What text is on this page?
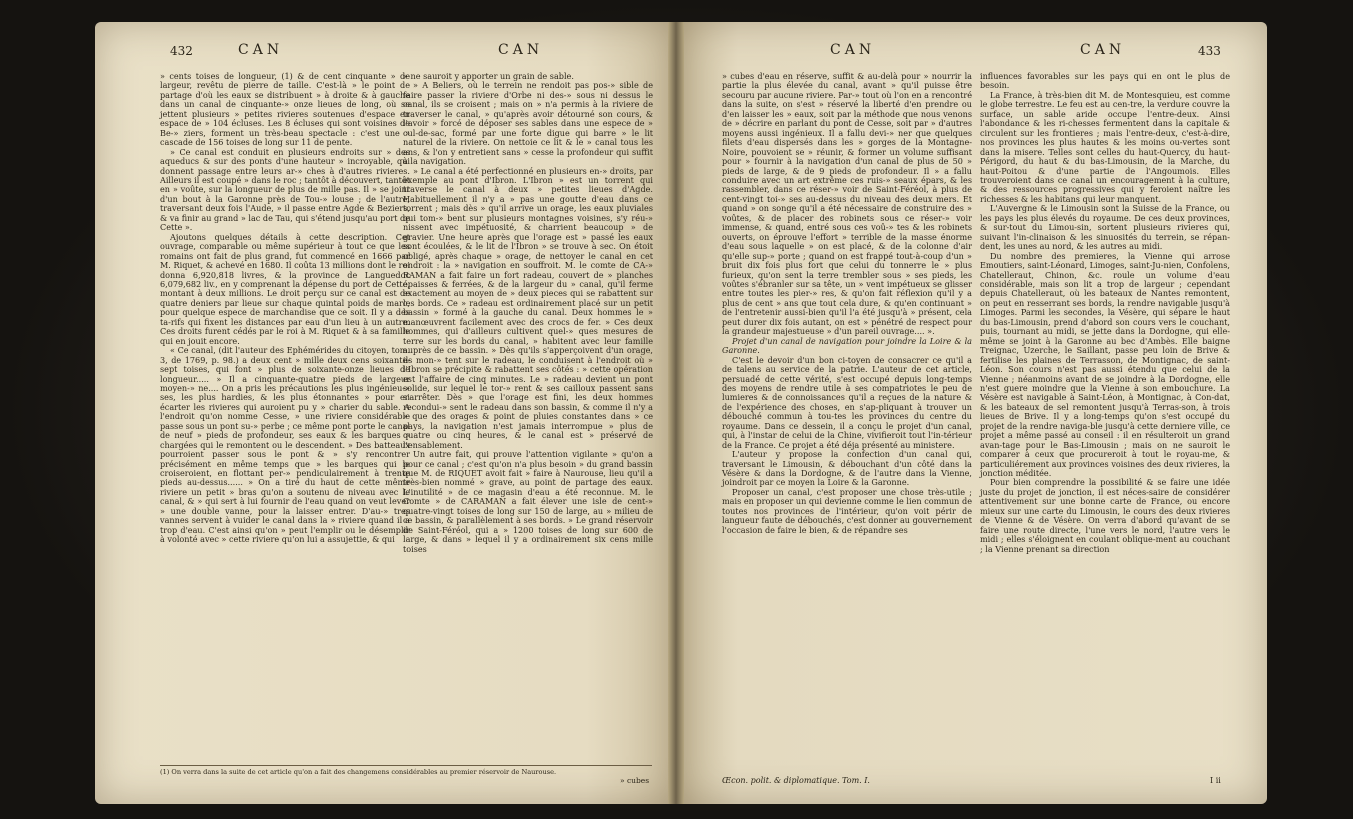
432	CAN	CAN	CAN	CAN	433

» cents toises de longueur, (1) & de cent cinquante » de largeur, revêtu de pierre de taille. C'est-là » le point de partage d'où les eaux se distribuent » à droite & à gauche dans un canal de cinquante-» onze lieues de long, où se jettent plusieurs » petites rivieres soutenues d'espace en espace de » 104 écluses. Les 8 écluses qui sont voisines de Be-» ziers, forment un très-beau spectacle : c'est une » cascade de 156 toises de long sur 11 de pente.

» Ce canal est conduit en plusieurs endroits sur » des aqueducs & sur des ponts d'une hauteur » incroyable, qui donnent passage entre leurs ar-» ches à d'autres rivieres. Ailleurs il est coupé » dans le roc ; tantôt à découvert, tantôt en » voûte, sur la longueur de plus de mille pas. Il » se joint d'un bout à la Garonne près de Tou-» louse ; de l'autre, traversant deux fois l'Aude, » il passe entre Agde & Beziers, & va finir au grand » lac de Tau, qui s'étend jusqu'au port de Cette ».

Ajoutons quelques détails à cette description. Cet ouvrage, comparable ou même supérieur à tout ce que les romains ont fait de plus grand, fut commencé en 1666 par M. Riquet, & achevé en 1680. Il coûta 13 millions dont le roi donna 6,920,818 livres, & la province de Languedoc 6,079,682 liv., en y comprenant la dépense du port de Cette, montant à deux millions. Le droit perçu sur ce canal est de quatre deniers par lieue sur chaque quintal poids de marc, pour quelque espece de marchandise que ce soit. Il y a des ta-rifs qui fixent les distances par eau d'un lieu à un autre. Ces droits furent cédés par le roi à M. Riquet & à sa famille qui en jouit encore.

« Ce canal, (dit l'auteur des Ephémérides du citoyen, tom. 3, de 1769, p. 98.) a deux cent » mille deux cens soixante-sept toises, qui font » plus de soixante-onze lieues de longueur..... » Il a cinquante-quatre pieds de largeur moyen-» ne.... On a pris les précautions les plus ingénieu-» ses, les plus hardies, & les plus étonnantes » pour en écarter les rivieres qui auroient pu y » charier du sable. A l'endroit qu'on nomme Cesse, » une riviere considérable passe sous un pont su-» perbe ; ce même pont porte le canal de neuf » pieds de profondeur, ses eaux & les barques » chargées qui le remontent ou le descendent. » Des batteaux pourroient passer sous le pont & » s'y rencontrer précisément en même temps que » les barques qui le croiseroient, en flottant per-» pendiculairement à trente pieds au-dessus...... » On a tiré du haut de cette même riviere un petit » bras qu'on a soutenu de niveau avec le canal, & » qui sert à lui fournir de l'eau quand on veut lever » une double vanne, pour la laisser entrer. D'au-» tres vannes servent à vuider le canal dans la » riviere quand il a trop d'eau. C'est ainsi qu'on » peut l'emplir ou le désemplir à volonté avec » cette riviere qu'on lui a assujettie, & qui

» ne sauroit y apporter un grain de sable.

» A Beliers, où le terrein ne rendoit pas pos-» sible de faire passer la riviere d'Orbe ni des-» sous ni dessus le canal, ils se croisent ; mais on » n'a permis à la riviere de traverser le canal, » qu'après avoir détourné son cours, & l'avoir » forcé de déposer ses sables dans une espece de » cul-de-sac, formé par une forte digue qui barre » le lit naturel de la riviere. On nettoie ce lit & le » canal tous les ans, & l'on y entretient sans » cesse la profondeur qui suffit à la navigation.

» Le canal a été perfectionné en plusieurs en-» droits, par exemple au pont d'Ibron. L'Ibron » est un torrent qui traverse le canal à deux » petites lieues d'Agde. Habituellement il n'y a » pas une goutte d'eau dans ce torrent ; mais dès » qu'il arrive un orage, les eaux pluviales qui tom-» bent sur plusieurs montagnes voisines, s'y réu-» nissent avec impétuosité, & charrient beaucoup » de gravier. Une heure après que l'orage est » passé les eaux sont écoulées, & le lit de l'Ibron » se trouve à sec. On étoit obligé, après chaque » orage, de nettoyer le canal en cet endroit : la » navigation en souffroit. M. le comte de CA-» RAMAN a fait faire un fort radeau, couvert de » planches épaisses & ferrées, & de la largeur du » canal, qu'il ferme exactement au moyen de » deux pieces qui se rabattent sur les bords. Ce » radeau est ordinairement placé sur un petit bassin » formé à la gauche du canal. Deux hommes le » manœuvrent facilement avec des crocs de fer. » Ces deux hommes, qui d'ailleurs cultivent quel-» ques mesures de terre sur les bords du canal, » habitent avec leur famille auprès de ce bassin. » Dès qu'ils s'apperçoivent d'un orage, ils mon-» tent sur le radeau, le conduisent à l'endroit où » l'Ibron se précipite & rabattent ses côtés : » cette opération est l'affaire de cinq minutes. Le » radeau devient un pont solide, sur lequel le tor-» rent & ses cailloux passent sans s'arrêter. Dès » que l'orage est fini, les deux hommes recondui-» sent le radeau dans son bassin, & comme il n'y a » que des orages & point de pluies constantes dans » ce pays, la navigation n'est jamais interrompue » plus de quatre ou cinq heures, & le canal est » préservé de l'ensablement.

Un autre fait, qui prouve l'attention vigilante » qu'on a pour ce canal ; c'est qu'on n'a plus besoin » du grand bassin que M. de RIQUET avoit fait » faire à Naurouse, lieu qu'il a très-bien nommé » grave, au point de partage des eaux. L'inutilité » de ce magasin d'eau a été reconnue. M. le Comte » de CARAMAN a fait élever une isle de cent-» quatre-vingt toises de long sur 150 de large, au » milieu de ce bassin, & parallèlement à ses bords. » Le grand réservoir de Saint-Féréol, qui a » 1200 toises de long sur 600 de large, & dans » lequel il y a ordinairement six cens mille toises

(1) On verra dans la suite de cet article qu'on a fait des changemens considérables au premier réservoir de Naurouse.
» cubes

» cubes d'eau en réserve, suffit & au-delà pour » nourrir la partie la plus élevée du canal, avant » qu'il puisse être secouru par aucune riviere. Par-» tout où l'on en a rencontré dans la suite, on s'est » réservé la liberté d'en prendre ou d'en laisser les » eaux, soit par la méthode que nous venons de » décrire en parlant du pont de Cesse, soit par » d'autres moyens aussi ingénieux. Il a fallu devi-» ner que quelques filets d'eau dispersés dans les » gorges de la Montagne-Noire, pouvoient se » réunir, & former un volume suffisant pour » fournir à la navigation d'un canal de plus de 50 » pieds de large, & de 9 pieds de profondeur. Il » a fallu conduire avec un art extrême ces ruis-» seaux épars, & les rassembler, dans ce réser-» voir de Saint-Féréol, à plus de cent-vingt toi-» ses au-dessus du niveau des deux mers. Et quand » on songe qu'il a été nécessaire de construire des » voûtes, & de placer des robinets sous ce réser-» voir immense, & quand, entré sous ces voû-» tes & les robinets ouverts, on éprouve l'effort » terrible de la masse énorme d'eau sous laquelle » on est placé, & de la colonne d'air qu'elle sup-» porte ; quand on est frappé tout-à-coup d'un » bruit dix fois plus fort que celui du tonnerre le » plus furieux, qu'on sent la terre trembler sous » ses pieds, les voûtes s'ébranler sur sa tête, un » vent impétueux se glisser entre toutes les pier-» res, & qu'on fait réflexion qu'il y a plus de cent » ans que tout cela dure, & qu'en continuant » de l'entretenir aussi-bien qu'il l'a été jusqu'à » présent, cela peut durer dix fois autant, on est » pénétré de respect pour la grandeur majestueuse » d'un pareil ouvrage.... ».

Projet d'un canal de navigation pour joindre la Loire & la Garonne.

C'est le devoir d'un bon ci-toyen de consacrer ce qu'il a de talens au service de la patrie. L'auteur de cet article, persuadé de cette vérité, s'est occupé depuis long-temps des moyens de rendre utile à ses compatriotes le peu de lumieres & de connoissances qu'il a reçues de la nature & de l'expérience des choses, en s'ap-pliquant à trouver un débouché commun à tou-tes les provinces du centre du royaume. Dans ce dessein, il a conçu le projet d'un canal, qui, à l'instar de celui de la Chine, vivifieroit tout l'in-térieur de la France. Ce projet a été déja présenté au ministere.

L'auteur y propose la confection d'un canal qui, traversant le Limousin, & débouchant d'un côté dans la Vésère & dans la Dordogne, & de l'autre dans la Vienne, joindroit par ce moyen la Loire & la Garonne.

Proposer un canal, c'est proposer une chose très-utile ; mais en proposer un qui devienne comme le lien commun de toutes nos provinces de l'intérieur, qu'on voit périr de langueur faute de débouchés, c'est donner au gouvernement l'occasion de faire le bien, & de répandre ses

influences favorables sur les pays qui en ont le plus de besoin.

La France, à très-bien dit M. de Montesquieu, est comme le globe terrestre. Le feu est au cen-tre, la verdure couvre la surface, un sable aride occupe l'entre-deux. Ainsi l'abondance & les ri-chesses fermentent dans la capitale & circulent sur les frontieres ; mais l'entre-deux, c'est-à-dire, nos provinces les plus hautes & les moins ou-vertes sont dans la misere. Telles sont celles du haut-Quercy, du haut-Périgord, du haut & du bas-Limousin, de la Marche, du haut-Poitou & d'une partie de l'Angoumois. Elles trouveroient dans ce canal un encouragement à la culture, & des ressources progressives qui y feroient naître les richesses & les habitans qui leur manquent.

L'Auvergne & le Limousin sont la Suisse de la France, ou les pays les plus élevés du royaume. De ces deux provinces, & sur-tout du Limou-sin, sortent plusieurs rivieres qui, suivant l'in-clinaison & les sinuosités du terrein, se répan-dent, les unes au nord, & les autres au midi.

Du nombre des premieres, la Vienne qui arrose Emoutiers, saint-Léonard, Limoges, saint-Ju-nien, Confolens, Chatelleraut, Chinon, &c. roule un volume d'eau considérable, mais son lit a trop de largeur ; cependant depuis Chatelleraut, où les bateaux de Nantes remontent, on peut en resserrant ses bords, la rendre navigable jusqu'à Limoges. Parmi les secondes, la Vésère, qui sépare le haut du bas-Limousin, prend d'abord son cours vers le couchant, puis, tournant au midi, se jette dans la Dordogne, qui elle-même se joint à la Garonne au bec d'Ambès. Elle baigne Treignac, Uzerche, le Saillant, passe peu loin de Brive & fertilise les plaines de Terrasson, de Montignac, de saint-Léon. Son cours n'est pas aussi étendu que celui de la Vienne ; néanmoins avant de se joindre à la Dordogne, elle n'est guere moindre que la Vienne à son embouchure. La Vésère est navigable à Saint-Léon, à Montignac, à Con-dat, & les bateaux de sel remontent jusqu'à Terras-son, à trois lieues de Brive. Il y a long-temps qu'on s'est occupé du projet de la rendre naviga-ble jusqu'à cette derniere ville, ce projet a même passé au conseil : il en résulteroit un grand avan-tage pour le Bas-Limousin ; mais on ne sauroit le comparer à ceux que procureroit à tout le royau-me, & particuliérement aux provinces voisines des deux rivieres, la jonction méditée.

Pour bien comprendre la possibilité & se faire une idée juste du projet de jonction, il est néces-saire de considérer attentivement sur une bonne carte de France, ou encore mieux sur une carte du Limousin, le cours des deux rivieres de Vienne & de Vésère. On verra d'abord qu'avant de se faire une route directe, l'une vers le nord, l'autre vers le midi ; elles s'éloignent en coulant oblique-ment au couchant ; la Vienne prenant sa direction

Œcon. polit. & diplomatique. Tom. I.	I ii
